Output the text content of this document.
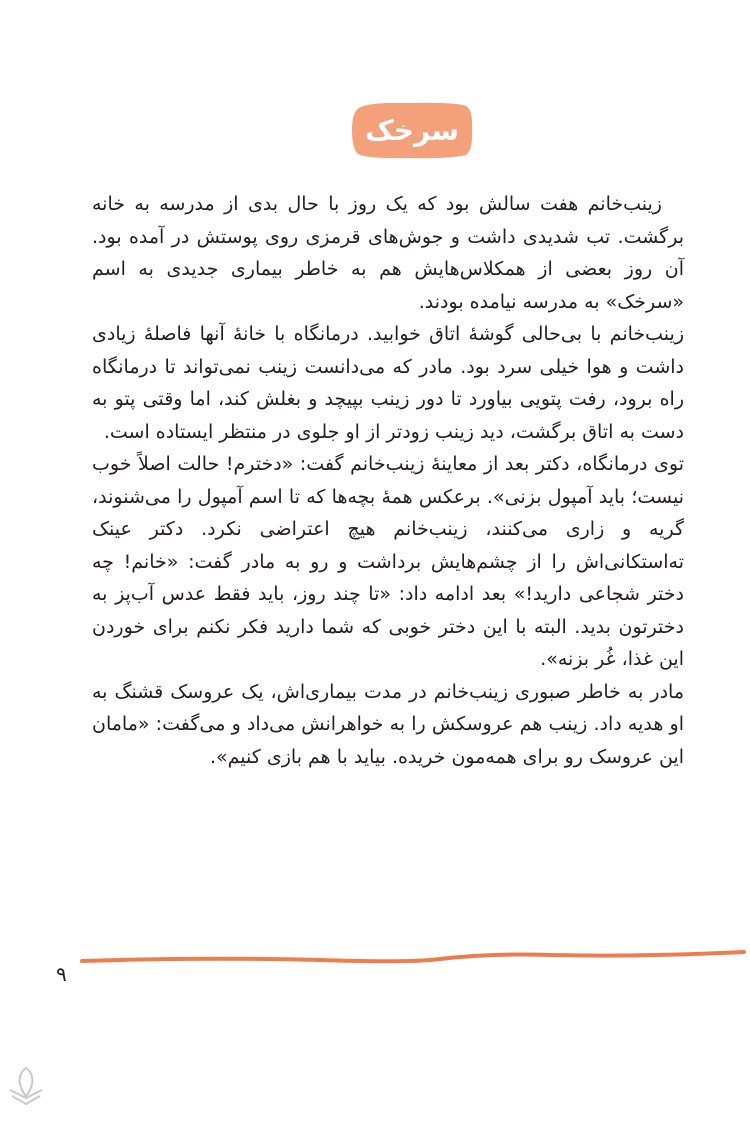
سرخک

زینب‌خانم هفت سالش بود که یک روز با حال بدی از مدرسه به خانه برگشت. تب شدیدی داشت و جوش‌های قرمزی روی پوستش در آمده بود. آن روز بعضی از همکلاس‌هایش هم به خاطر بیماری جدیدی به اسم «سرخک» به مدرسه نیامده بودند.

زینب‌خانم با بی‌حالی گوشهٔ اتاق خوابید. درمانگاه با خانهٔ آنها فاصلهٔ زیادی داشت و هوا خیلی سرد بود. مادر که می‌دانست زینب نمی‌تواند تا درمانگاه راه برود، رفت پتویی بیاورد تا دور زینب بپیچد و بغلش کند، اما وقتی پتو به دست به اتاق برگشت، دید زینب زودتر از او جلوی در منتظر ایستاده است.

توی درمانگاه، دکتر بعد از معاینهٔ زینب‌خانم گفت: «دخترم! حالت اصلاً خوب نیست؛ باید آمپول بزنی». برعکس همهٔ بچه‌ها که تا اسم آمپول را می‌شنوند، گریه و زاری می‌کنند، زینب‌خانم هیچ اعتراضی نکرد. دکتر عینک ته‌استکانی‌اش را از چشم‌هایش برداشت و رو به مادر گفت: «خانم! چه دختر شجاعی دارید!» بعد ادامه داد: «تا چند روز، باید فقط عدس آب‌پز به دخترتون بدید. البته با این دختر خوبی که شما دارید فکر نکنم برای خوردن این غذا، غُر بزنه».

مادر به خاطر صبوری زینب‌خانم در مدت بیماری‌اش، یک عروسک قشنگ به او هدیه داد. زینب هم عروسکش را به خواهرانش می‌داد و می‌گفت: «مامان این عروسک رو برای همه‌مون خریده. بیاید با هم بازی کنیم».

۹
